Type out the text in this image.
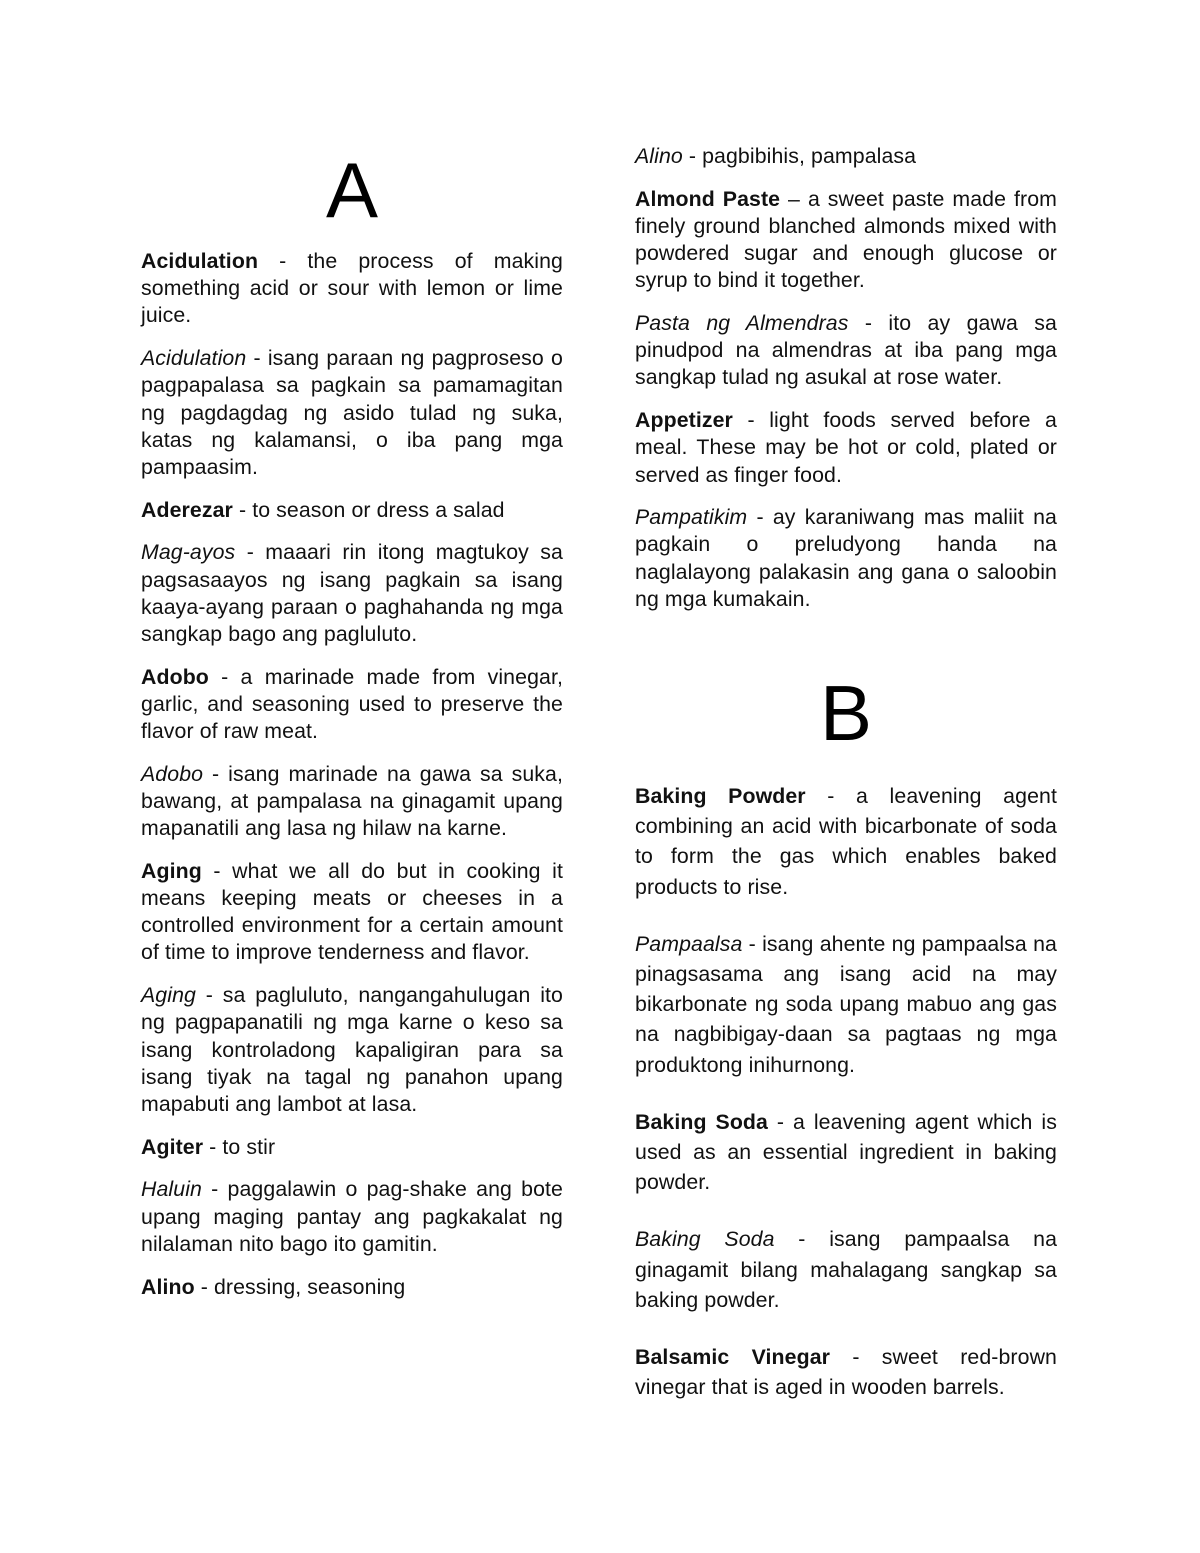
A

Acidulation - the process of making something acid or sour with lemon or lime juice.

Acidulation - isang paraan ng pagproseso o pagpapalasa sa pagkain sa pamamagitan ng pagdagdag ng asido tulad ng suka, katas ng kalamansi, o iba pang mga pampaasim.

Aderezar - to season or dress a salad

Mag-ayos - maaari rin itong magtukoy sa pagsasaayos ng isang pagkain sa isang kaaya-ayang paraan o paghahanda ng mga sangkap bago ang pagluluto.

Adobo - a marinade made from vinegar, garlic, and seasoning used to preserve the flavor of raw meat.

Adobo - isang marinade na gawa sa suka, bawang, at pampalasa na ginagamit upang mapanatili ang lasa ng hilaw na karne.

Aging - what we all do but in cooking it means keeping meats or cheeses in a controlled environment for a certain amount of time to improve tenderness and flavor.

Aging - sa pagluluto, nangangahulugan ito ng pagpapanatili ng mga karne o keso sa isang kontroladong kapaligiran para sa isang tiyak na tagal ng panahon upang mapabuti ang lambot at lasa.

Agiter - to stir

Haluin - paggalawin o pag-shake ang bote upang maging pantay ang pagkakalat ng nilalaman nito bago ito gamitin.

Alino - dressing, seasoning

Alino - pagbibihis, pampalasa

Almond Paste – a sweet paste made from finely ground blanched almonds mixed with powdered sugar and enough glucose or syrup to bind it together.

Pasta ng Almendras - ito ay gawa sa pinudpod na almendras at iba pang mga sangkap tulad ng asukal at rose water.

Appetizer - light foods served before a meal. These may be hot or cold, plated or served as finger food.

Pampatikim - ay karaniwang mas maliit na pagkain o preludyong handa na naglalayong palakasin ang gana o saloobin ng mga kumakain.

B

Baking Powder - a leavening agent combining an acid with bicarbonate of soda to form the gas which enables baked products to rise.

Pampaalsa - isang ahente ng pampaalsa na pinagsasama ang isang acid na may bikarbonate ng soda upang mabuo ang gas na nagbibigay-daan sa pagtaas ng mga produktong inihurnong.

Baking Soda - a leavening agent which is used as an essential ingredient in baking powder.

Baking Soda - isang pampaalsa na ginagamit bilang mahalagang sangkap sa baking powder.

Balsamic Vinegar - sweet red-brown vinegar that is aged in wooden barrels.
